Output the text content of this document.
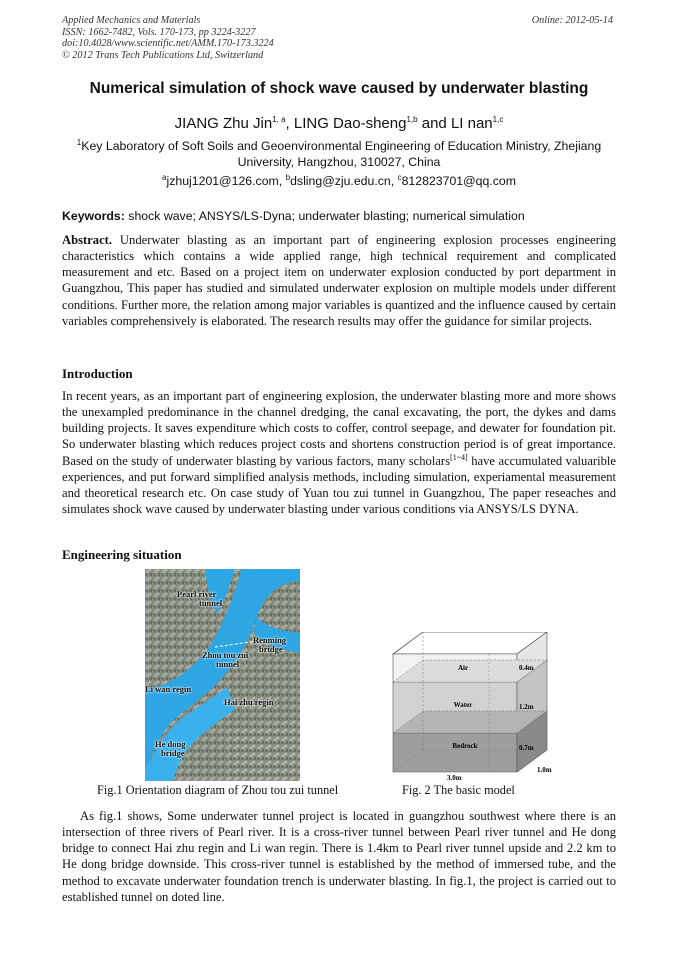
Applied Mechanics and Materials
ISSN: 1662-7482, Vols. 170-173, pp 3224-3227
doi:10.4028/www.scientific.net/AMM.170-173.3224
© 2012 Trans Tech Publications Ltd, Switzerland
Online: 2012-05-14
Numerical simulation of shock wave caused by underwater blasting
JIANG Zhu Jin$^{1, a}$, LING Dao-sheng$^{1,b}$ and LI nan$^{1,c}$
$^1$Key Laboratory of Soft Soils and Geoenvironmental Engineering of Education Ministry, Zhejiang University, Hangzhou, 310027, China
$^a$jzhuj1201@126.com, $^b$dsling@zju.edu.cn, $^c$812823701@qq.com
Keywords: shock wave; ANSYS/LS-Dyna; underwater blasting; numerical simulation
Abstract. Underwater blasting as an important part of engineering explosion processes engineering characteristics which contains a wide applied range, high technical requirement and complicated measurement and etc. Based on a project item on underwater explosion conducted by port department in Guangzhou, This paper has studied and simulated underwater explosion on multiple models under different conditions. Further more, the relation among major variables is quantized and the influence caused by certain variables comprehensively is elaborated. The research results may offer the guidance for similar projects.
Introduction
In recent years, as an important part of engineering explosion, the underwater blasting more and more shows the unexampled predominance in the channel dredging, the canal excavating, the port, the dykes and dams building projects. It saves expenditure which costs to coffer, control seepage, and dewater for foundation pit. So underwater blasting which reduces project costs and shortens construction period is of great importance. Based on the study of underwater blasting by various factors, many scholars[1~4] have accumulated valuarible experiences, and put forward simplified analysis methods, including simulation, experiamental measurement and theoretical research etc. On case study of Yuan tou zui tunnel in Guangzhou, The paper reseaches and simulates shock wave caused by underwater blasting under various conditions via ANSYS/LS DYNA.
Engineering situation
Pearl river
tunnel
Renming
bridge
Zhou tou zui
tunnel
Li wan regin
Hai zhu regin
He dong
bridge
Air
Water
Bedrock
0.4m
1.2m
0.7m
3.0m
1.0m
Fig.1 Orientation diagram of Zhou tou zui tunnel	Fig. 2 The basic model
As fig.1 shows, Some underwater tunnel project is located in guangzhou southwest where there is an intersection of three rivers of Pearl river. It is a cross-river tunnel between Pearl river tunnel and He dong bridge to connect Hai zhu regin and Li wan regin. There is 1.4km to Pearl river tunnel upside and 2.2 km to He dong bridge downside. This cross-river tunnel is established by the method of immersed tube, and the method to excavate underwater foundation trench is underwater blasting. In fig.1, the project is carried out to established tunnel on doted line.
